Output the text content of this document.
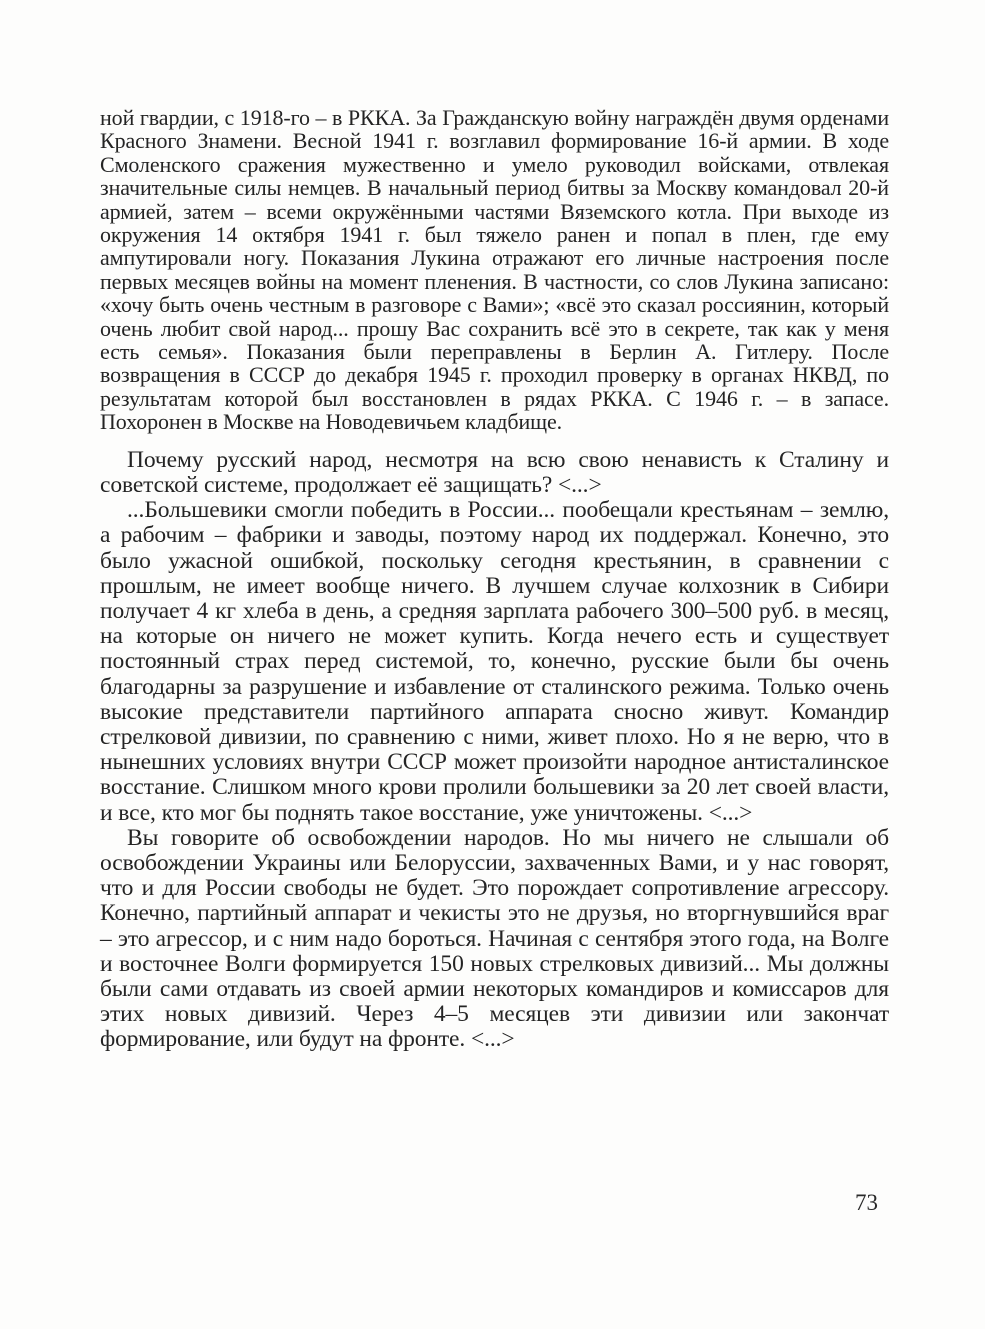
ной гвардии, с 1918-го – в РККА. За Гражданскую войну награждён двумя орденами Красного Знамени. Весной 1941 г. возглавил формирование 16-й армии. В ходе Смоленского сражения мужественно и умело руководил войсками, отвлекая значительные силы немцев. В начальный период битвы за Москву командовал 20-й армией, затем – всеми окружёнными частями Вяземского котла. При выходе из окружения 14 октября 1941 г. был тяжело ранен и попал в плен, где ему ампутировали ногу. Показания Лукина отражают его личные настроения после первых месяцев войны на момент пленения. В частности, со слов Лукина записано: «хочу быть очень честным в разговоре с Вами»; «всё это сказал россиянин, который очень любит свой народ... прошу Вас сохранить всё это в секрете, так как у меня есть семья». Показания были переправлены в Берлин А. Гитлеру. После возвращения в СССР до декабря 1945 г. проходил проверку в органах НКВД, по результатам которой был восстановлен в рядах РККА. С 1946 г. – в запасе. Похоронен в Москве на Новодевичьем кладбище.

Почему русский народ, несмотря на всю свою ненависть к Сталину и советской системе, продолжает её защищать? <...>

...Большевики смогли победить в России... пообещали крестьянам – землю, а рабочим – фабрики и заводы, поэтому народ их поддержал. Конечно, это было ужасной ошибкой, поскольку сегодня крестьянин, в сравнении с прошлым, не имеет вообще ничего. В лучшем случае колхозник в Сибири получает 4 кг хлеба в день, а средняя зарплата рабочего 300–500 руб. в месяц, на которые он ничего не может купить. Когда нечего есть и существует постоянный страх перед системой, то, конечно, русские были бы очень благодарны за разрушение и избавление от сталинского режима. Только очень высокие представители партийного аппарата сносно живут. Командир стрелковой дивизии, по сравнению с ними, живет плохо. Но я не верю, что в нынешних условиях внутри СССР может произойти народное антисталинское восстание. Слишком много крови пролили большевики за 20 лет своей власти, и все, кто мог бы поднять такое восстание, уже уничтожены. <...>

Вы говорите об освобождении народов. Но мы ничего не слышали об освобождении Украины или Белоруссии, захваченных Вами, и у нас говорят, что и для России свободы не будет. Это порождает сопротивление агрессору. Конечно, партийный аппарат и чекисты это не друзья, но вторгнувшийся враг – это агрессор, и с ним надо бороться. Начиная с сентября этого года, на Волге и восточнее Волги формируется 150 новых стрелковых дивизий... Мы должны были сами отдавать из своей армии некоторых командиров и комиссаров для этих новых дивизий. Через 4–5 месяцев эти дивизии или закончат формирование, или будут на фронте. <...>

73
